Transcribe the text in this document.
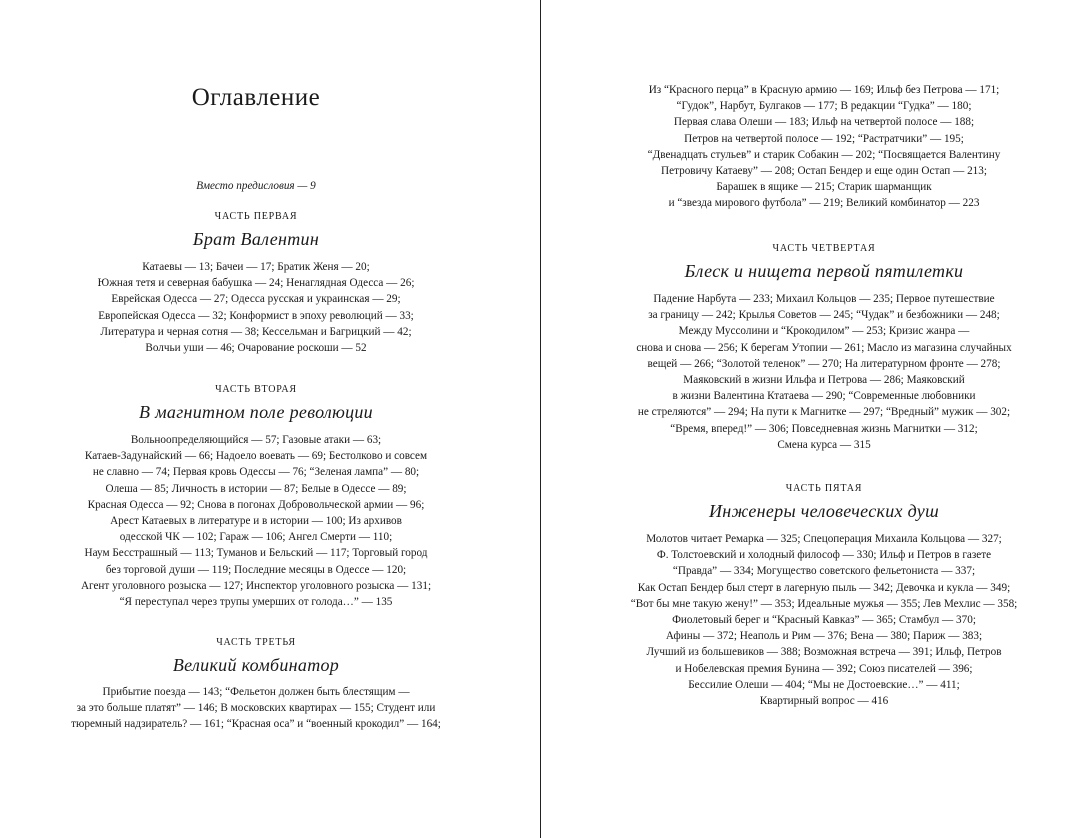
Оглавление
Вместо предисловия — 9
ЧАСТЬ ПЕРВАЯ
Брат Валентин
Катаевы — 13; Бачеи — 17; Братик Женя — 20;
Южная тетя и северная бабушка — 24; Ненаглядная Одесса — 26;
Еврейская Одесса — 27; Одесса русская и украинская — 29;
Европейская Одесса — 32; Конформист в эпоху революций — 33;
Литература и черная сотня — 38; Кессельман и Багрицкий — 42;
Волчьи уши — 46; Очарование роскоши — 52
ЧАСТЬ ВТОРАЯ
В магнитном поле революции
Вольноопределяющийся — 57; Газовые атаки — 63;
Катаев-Задунайский — 66; Надоело воевать — 69; Бестолково и совсем
не славно — 74; Первая кровь Одессы — 76; “Зеленая лампа” — 80;
Олеша — 85; Личность в истории — 87; Белые в Одессе — 89;
Красная Одесса — 92; Снова в погонах Добровольческой армии — 96;
Арест Катаевых в литературе и в истории — 100; Из архивов
одесской ЧК — 102; Гараж — 106; Ангел Смерти — 110;
Наум Бесстрашный — 113; Туманов и Бельский — 117; Торговый город
без торговой души — 119; Последние месяцы в Одессе — 120;
Агент уголовного розыска — 127; Инспектор уголовного розыска — 131;
“Я переступал через трупы умерших от голода…” — 135
ЧАСТЬ ТРЕТЬЯ
Великий комбинатор
Прибытие поезда — 143; “Фельетон должен быть блестящим —
за это больше платят” — 146; В московских квартирах — 155; Студент или
тюремный надзиратель? — 161; “Красная оса” и “военный крокодил” — 164;
Из “Красного перца” в Красную армию — 169; Ильф без Петрова — 171;
“Гудок”, Нарбут, Булгаков — 177; В редакции “Гудка” — 180;
Первая слава Олеши — 183; Ильф на четвертой полосе — 188;
Петров на четвертой полосе — 192; “Растратчики” — 195;
“Двенадцать стульев” и старик Собакин — 202; “Посвящается Валентину
Петровичу Катаеву” — 208; Остап Бендер и еще один Остап — 213;
Барашек в ящике — 215; Старик шарманщик
и “звезда мирового футбола” — 219; Великий комбинатор — 223
ЧАСТЬ ЧЕТВЕРТАЯ
Блеск и нищета первой пятилетки
Падение Нарбута — 233; Михаил Кольцов — 235; Первое путешествие
за границу — 242; Крылья Советов — 245; “Чудак” и безбожники — 248;
Между Муссолини и “Крокодилом” — 253; Кризис жанра —
снова и снова — 256; К берегам Утопии — 261; Масло из магазина случайных
вещей — 266; “Золотой теленок” — 270; На литературном фронте — 278;
Маяковский в жизни Ильфа и Петрова — 286; Маяковский
в жизни Валентина Ктатаева — 290; “Современные любовники
не стреляются” — 294; На пути к Магнитке — 297; “Вредный” мужик — 302;
“Время, вперед!” — 306; Повседневная жизнь Магнитки — 312;
Смена курса — 315
ЧАСТЬ ПЯТАЯ
Инженеры человеческих душ
Молотов читает Ремарка — 325; Спецоперация Михаила Кольцова — 327;
Ф. Толстоевский и холодный философ — 330; Ильф и Петров в газете
“Правда” — 334; Могущество советского фельетониста — 337;
Как Остап Бендер был стерт в лагерную пыль — 342; Девочка и кукла — 349;
“Вот бы мне такую жену!” — 353; Идеальные мужья — 355; Лев Мехлис — 358;
Фиолетовый берег и “Красный Кавказ” — 365; Стамбул — 370;
Афины — 372; Неаполь и Рим — 376; Вена — 380; Париж — 383;
Лучший из большевиков — 388; Возможная встреча — 391; Ильф, Петров
и Нобелевская премия Бунина — 392; Союз писателей — 396;
Бессилие Олеши — 404; “Мы не Достоевские…” — 411;
Квартирный вопрос — 416
